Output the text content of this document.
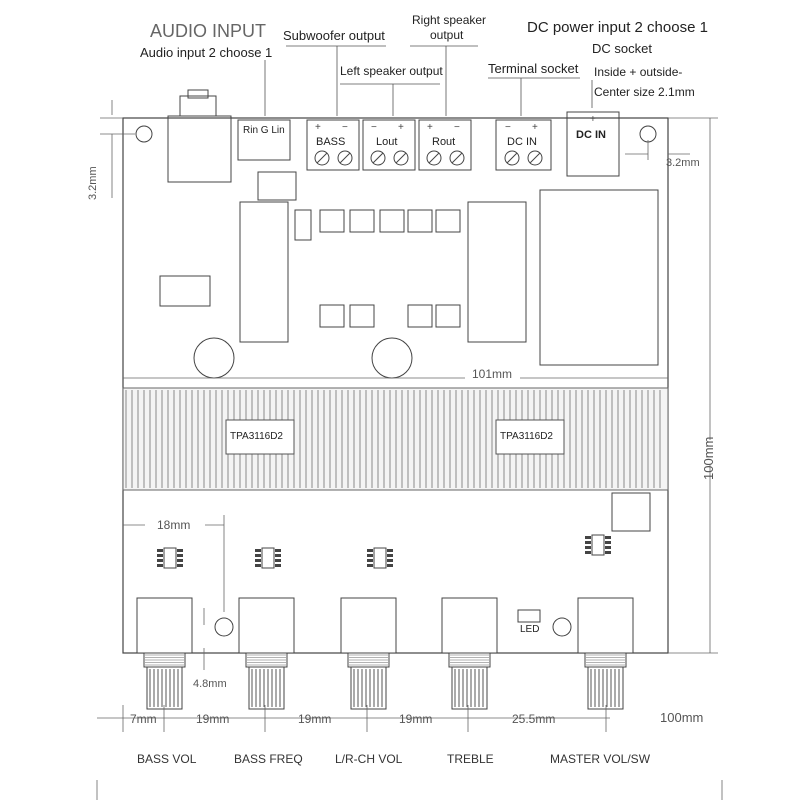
+ − − + + −	− +
+
AUDIO INPUT
Audio input 2 choose 1
Subwoofer output
Left speaker output
Right speaker
output	DC power input 2 choose 1
DC socket
Terminal socket Inside + outside-
Center size 2.1mm
Rin G Lin
BASS	Lout	Rout	DC IN
DC IN
TPA3116D2	TPA3116D2
LED
3.2mm
3.2mm
101mm
100mm
18mm
4.8mm
7mm	19mm	19mm	19mm	25.5mm	100mm
BASS VOL	BASS FREQ	L/R-CH VOL	TREBLE	MASTER VOL/SW
